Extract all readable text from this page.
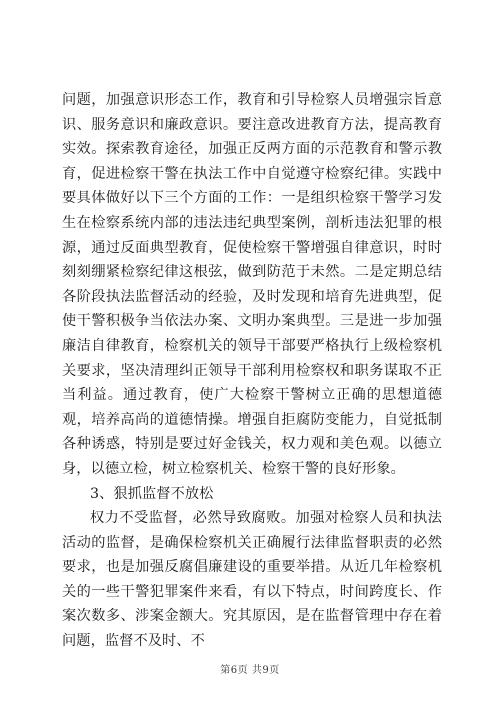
问题，加强意识形态工作，教育和引导检察人员增强宗旨意识、服务意识和廉政意识。要注意改进教育方法，提高教育实效。探索教育途径，加强正反两方面的示范教育和警示教育，促进检察干警在执法工作中自觉遵守检察纪律。实践中要具体做好以下三个方面的工作：一是组织检察干警学习发生在检察系统内部的违法违纪典型案例，剖析违法犯罪的根源，通过反面典型教育，促使检察干警增强自律意识，时时刻刻绷紧检察纪律这根弦，做到防范于未然。二是定期总结各阶段执法监督活动的经验，及时发现和培育先进典型，促使干警积极争当依法办案、文明办案典型。三是进一步加强廉洁自律教育，检察机关的领导干部要严格执行上级检察机关要求，坚决清理纠正领导干部利用检察权和职务谋取不正当利益。通过教育，使广大检察干警树立正确的思想道德观，培养高尚的道德情操。增强自拒腐防变能力，自觉抵制各种诱惑，特别是要过好金钱关，权力观和美色观。以德立身，以德立检，树立检察机关、检察干警的良好形象。

3、狠抓监督不放松

权力不受监督，必然导致腐败。加强对检察人员和执法活动的监督，是确保检察机关正确履行法律监督职责的必然要求，也是加强反腐倡廉建设的重要举措。从近几年检察机关的一些干警犯罪案件来看，有以下特点，时间跨度长、作案次数多、涉案金额大。究其原因，是在监督管理中存在着问题，监督不及时、不

第6页 共9页
